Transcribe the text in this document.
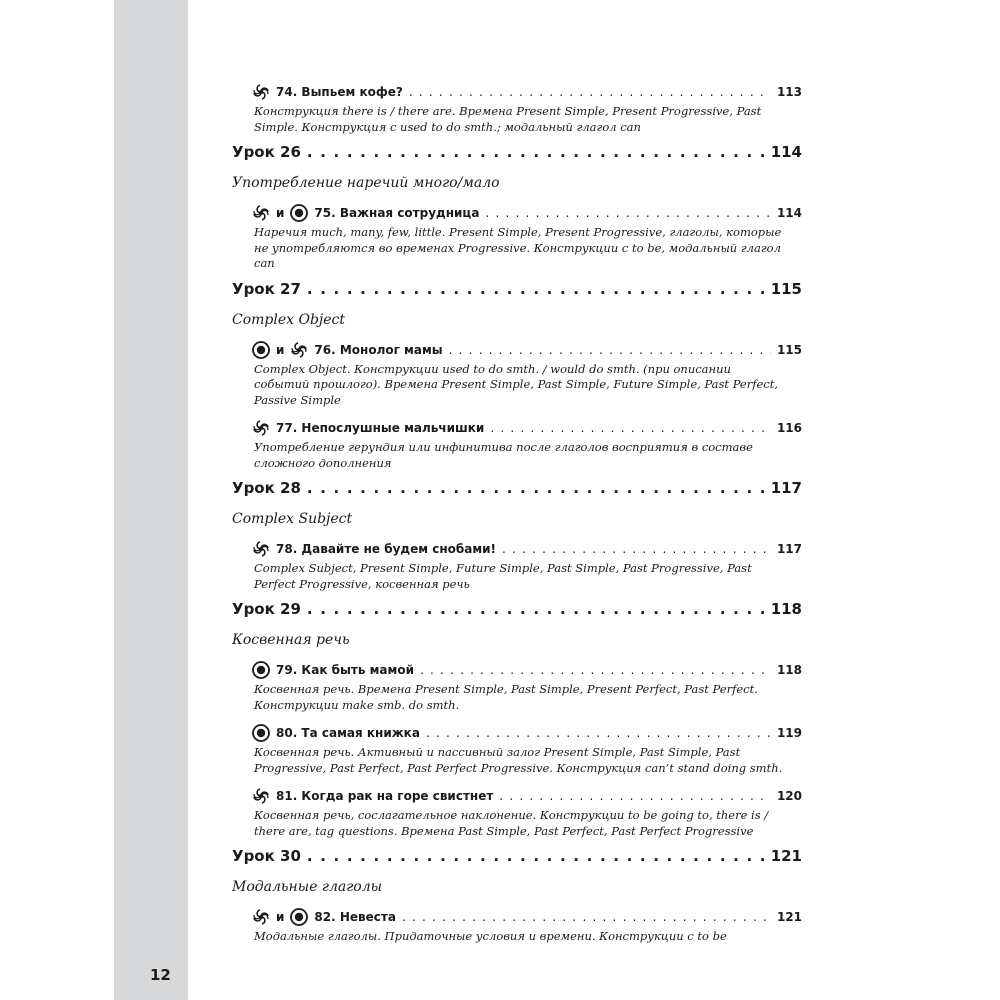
12
74. Выпьем кофе? . . .	113
Конструкция there is / there are. Времена Present Simple, Present Progressive, Past Simple. Конструкция c used to do smth.; модальный глагол can
Урок 26 . . .	114
Употребление наречий много/мало
и	75. Важная сотрудница . . .	114
Наречия much, many, few, little. Present Simple, Present Progressive, глаголы, которые не употребляются во временах Progressive. Конструкции с to be, модальный глагол can
Урок 27 . . .	115
Complex Object
и	76. Монолог мамы . . .	115
Complex Object. Конструкции used to do smth. / would do smth. (при описании событий прошлого). Времена Present Simple, Past Simple, Future Simple, Past Perfect, Passive Simple
77. Непослушные мальчишки . . .	116
Употребление герундия или инфинитива после глаголов восприятия в составе сложного дополнения
Урок 28 . . .	117
Complex Subject
78. Давайте не будем снобами! . . .	117
Complex Subject, Present Simple, Future Simple, Past Simple, Past Progressive, Past Perfect Progressive, косвенная речь
Урок 29 . . .	118
Косвенная речь
79. Как быть мамой . . .	118
Косвенная речь. Времена Present Simple, Past Simple, Present Perfect, Past Perfect. Конструкции make smb. do smth.
80. Та самая книжка . . .	119
Косвенная речь. Активный и пассивный залог Present Simple, Past Simple, Past Progressive, Past Perfect, Past Perfect Progressive. Конструкция can’t stand doing smth.
81. Когда рак на горе свистнет . . .	120
Косвенная речь, сослагательное наклонение. Конструкции to be going to, there is / there are, tag questions. Времена Past Simple, Past Perfect, Past Perfect Progressive
Урок 30 . . .	121
Модальные глаголы
и	82. Невеста . . .	121
Модальные глаголы. Придаточные условия и времени. Конструкции с to be
